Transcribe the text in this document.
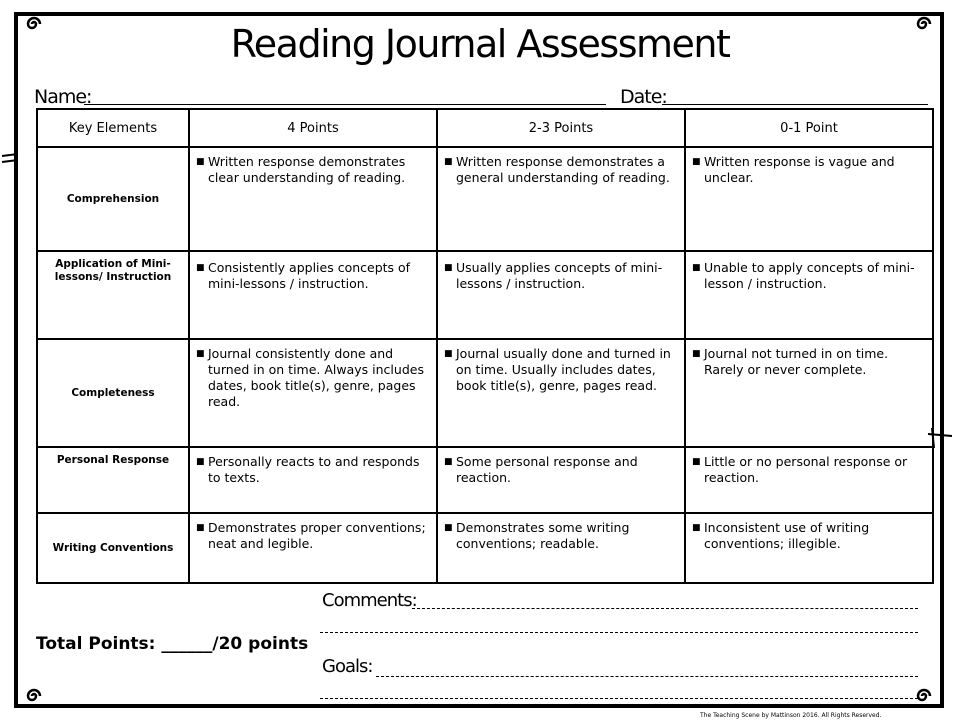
Reading Journal Assessment
Name:	Date:
Key Elements	4 Points	2-3 Points	0-1 Point
Comprehension	■ Written response demonstrates clear understanding of reading.	■ Written response demonstrates a general understanding of reading.	■ Written response is vague and unclear.

Application of Mini-lessons/ Instruction	■ Consistently applies concepts of mini-lessons / instruction.	■ Usually applies concepts of mini-lessons / instruction.	■ Unable to apply concepts of mini-lesson / instruction.

Completeness	■ Journal consistently done and turned in on time. Always includes dates, book title(s), genre, pages read.	■ Journal usually done and turned in on time. Usually includes dates, book title(s), genre, pages read.	■ Journal not turned in on time. Rarely or never complete.

Personal Response	■ Personally reacts to and responds to texts.	■ Some personal response and reaction.	■ Little or no personal response or reaction.

Writing Conventions	■ Demonstrates proper conventions; neat and legible.	■ Demonstrates some writing conventions; readable.	■ Inconsistent use of writing conventions; illegible.
Comments:
Total Points: ______/20 points
Goals:
The Teaching Scene by Mattinson 2016. All Rights Reserved.
